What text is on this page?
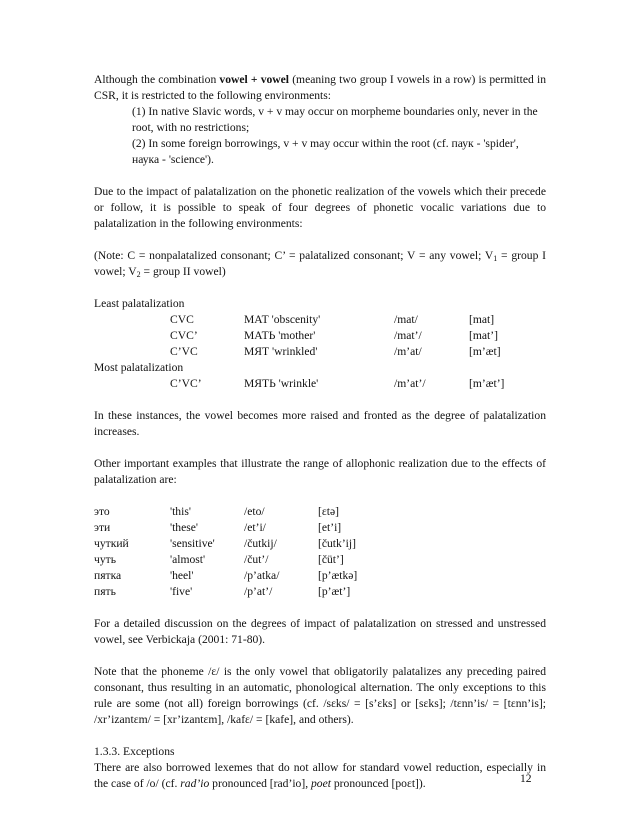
Although the combination vowel + vowel (meaning two group I vowels in a row) is permitted in CSR, it is restricted to the following environments:

(1) In native Slavic words, v + v may occur on morpheme boundaries only, never in the root, with no restrictions;

(2) In some foreign borrowings, v + v may occur within the root (cf. паук - 'spider', наука - 'science').

Due to the impact of palatalization on the phonetic realization of the vowels which their precede or follow, it is possible to speak of four degrees of phonetic vocalic variations due to palatalization in the following environments:

(Note: C = nonpalatalized consonant; C’ = palatalized consonant; V = any vowel; $V_1$ = group I vowel; $V_2$ = group II vowel)

Least palatalization
CVC	МАТ 'obscenity'	/mat/	[mat]
CVC’	МАТЬ 'mother'	/mat’/	[mat’]
C’VC	МЯТ 'wrinkled'	/m’at/	[m’æt]
Most palatalization
C’VC’	МЯТЬ 'wrinkle'	/m’at’/	[m’æt’]

In these instances, the vowel becomes more raised and fronted as the degree of palatalization increases.

Other important examples that illustrate the range of allophonic realization due to the effects of palatalization are:

это	'this'	/eto/	[ɛtə]
эти	'these'	/et’i/	[et’i]
чуткий	'sensitive'	/čutkij/	[čutk’ij]
чуть	'almost'	/čut’/	[čüt’]
пятка	'heel'	/p’atka/	[p’ætkə]
пять	'five'	/p’at’/	[p’æt’]

For a detailed discussion on the degrees of impact of palatalization on stressed and unstressed vowel, see Verbickaja (2001: 71-80).

Note that the phoneme /ɛ/ is the only vowel that obligatorily palatalizes any preceding paired consonant, thus resulting in an automatic, phonological alternation. The only exceptions to this rule are some (not all) foreign borrowings (cf. /sɛks/ = [s’ɛks] or [sɛks]; /tɛnn’is/ = [tɛnn’is]; /xr’izantɛm/ = [xr’izantɛm], /kafɛ/ = [kafe], and others).

1.3.3. Exceptions

There are also borrowed lexemes that do not allow for standard vowel reduction, especially in the case of /o/ (cf. rad’io pronounced [rad’io], poet pronounced [poɛt]).	12
